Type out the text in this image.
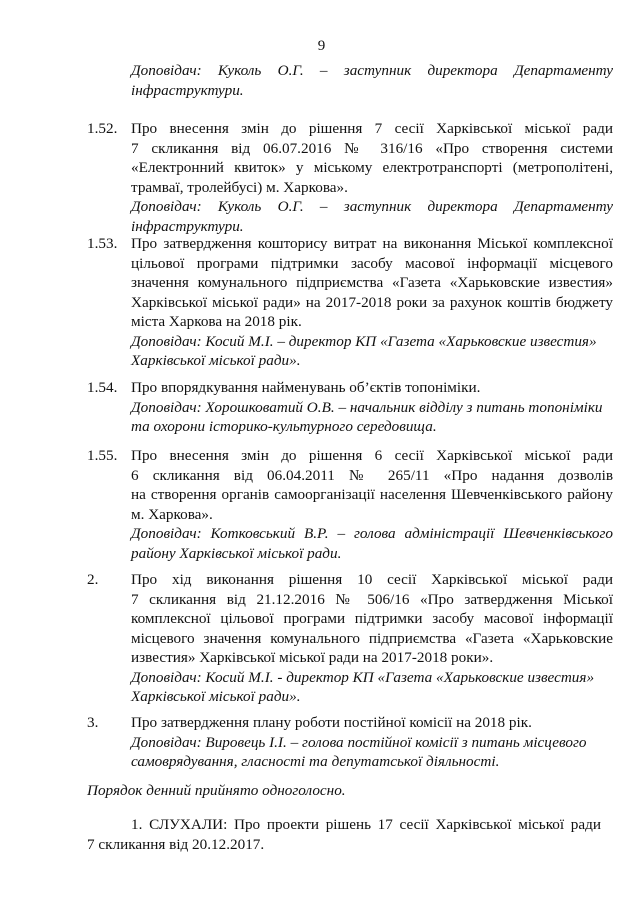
9
Доповідач: Куколь О.Г. – заступник директора Департаменту
інфраструктури.
1.52. Про внесення змін до рішення 7 сесії Харківської міської ради
7 скликання від 06.07.2016 № 316/16 «Про створення системи
«Електронний квиток» у міському електротранспорті (метрополітені,
трамваї, тролейбусі) м. Харкова».
Доповідач: Куколь О.Г. – заступник директора Департаменту
інфраструктури.
1.53. Про затвердження кошторису витрат на виконання Міської комплексної
цільової програми підтримки засобу масової інформації місцевого
значення комунального підприємства «Газета «Харьковские известия»
Харківської міської ради» на 2017-2018 роки за рахунок коштів бюджету
міста Харкова на 2018 рік.
Доповідач: Косий М.І. – директор КП «Газета «Харьковские известия»
Харківської міської ради».
1.54. Про впорядкування найменувань об’єктів топоніміки.
Доповідач: Хорошковатий О.В. – начальник відділу з питань топоніміки
та охорони історико-культурного середовища.
1.55. Про внесення змін до рішення 6 сесії Харківської міської ради
6 скликання від 06.04.2011 № 265/11 «Про надання дозволів
на створення органів самоорганізації населення Шевченківського району
м. Харкова».
Доповідач: Котковський В.Р. – голова адміністрації Шевченківського
району Харківської міської ради.
2. Про хід виконання рішення 10 сесії Харківської міської ради
7 скликання від 21.12.2016 № 506/16 «Про затвердження Міської
комплексної цільової програми підтримки засобу масової інформації
місцевого значення комунального підприємства «Газета «Харьковские
известия» Харківської міської ради на 2017-2018 роки».
Доповідач: Косий М.І. - директор КП «Газета «Харьковские известия»
Харківської міської ради».
3. Про затвердження плану роботи постійної комісії на 2018 рік.
Доповідач: Вировець І.І. – голова постійної комісії з питань місцевого
самоврядування, гласності та депутатської діяльності.
Порядок денний прийнято одноголосно.
1. СЛУХАЛИ: Про проекти рішень 17 сесії Харківської міської ради
7 скликання від 20.12.2017.
